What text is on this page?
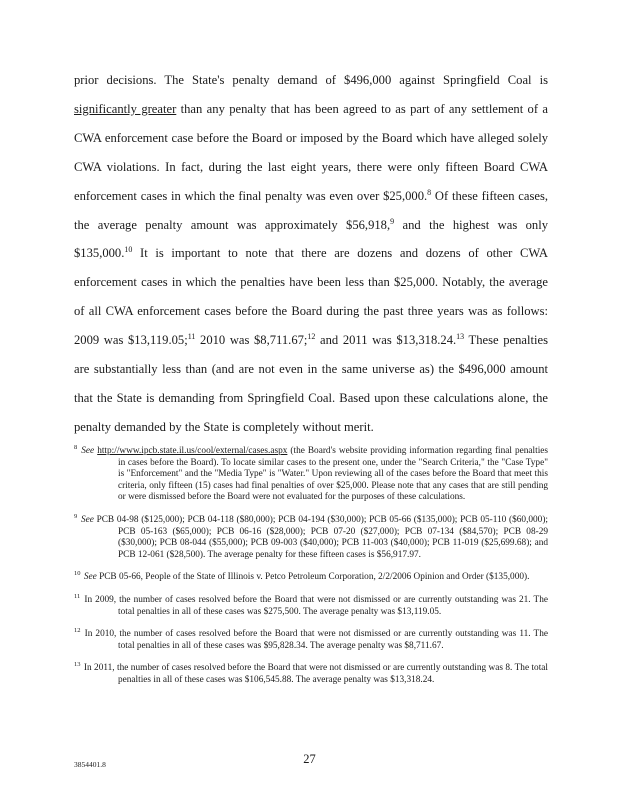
prior decisions. The State's penalty demand of $496,000 against Springfield Coal is significantly greater than any penalty that has been agreed to as part of any settlement of a CWA enforcement case before the Board or imposed by the Board which have alleged solely CWA violations. In fact, during the last eight years, there were only fifteen Board CWA enforcement cases in which the final penalty was even over $25,000.$^8$ Of these fifteen cases, the average penalty amount was approximately $56,918,$^9$ and the highest was only $135,000.10 It is important to note that there are dozens and dozens of other CWA enforcement cases in which the penalties have been less than $25,000. Notably, the average of all CWA enforcement cases before the Board during the past three years was as follows: 2009 was $13,119.05;$^{11}$ 2010 was $8,711.67;$^{12}$ and 2011 was $13,318.24.13 These penalties are substantially less than (and are not even in the same universe as) the $496,000 amount that the State is demanding from Springfield Coal. Based upon these calculations alone, the penalty demanded by the State is completely without merit.

$^8$ See http://www.ipcb.state.il.us/cool/external/cases.aspx (the Board's website providing information regarding final penalties in cases before the Board). To locate similar cases to the present one, under the "Search Criteria," the "Case Type" is "Enforcement" and the "Media Type" is "Water." Upon reviewing all of the cases before the Board that meet this criteria, only fifteen (15) cases had final penalties of over $25,000. Please note that any cases that are still pending or were dismissed before the Board were not evaluated for the purposes of these calculations.

$^9$ See PCB 04-98 ($125,000); PCB 04-118 ($80,000); PCB 04-194 ($30,000); PCB 05-66 ($135,000); PCB 05-110 ($60,000); PCB 05-163 ($65,000); PCB 06-16 ($28,000); PCB 07-20 ($27,000); PCB 07-134 ($84,570); PCB 08-29 ($30,000); PCB 08-044 ($55,000); PCB 09-003 ($40,000); PCB 11-003 ($40,000); PCB 11-019 ($25,699.68); and PCB 12-061 ($28,500). The average penalty for these fifteen cases is $56,917.97.

$^{10}$ See PCB 05-66, People of the State of Illinois v. Petco Petroleum Corporation, 2/2/2006 Opinion and Order ($135,000).

$^{11}$ In 2009, the number of cases resolved before the Board that were not dismissed or are currently outstanding was 21. The total penalties in all of these cases was $275,500. The average penalty was $13,119.05.

$^{12}$ In 2010, the number of cases resolved before the Board that were not dismissed or are currently outstanding was 11. The total penalties in all of these cases was $95,828.34. The average penalty was $8,711.67.

$^{13}$ In 2011, the number of cases resolved before the Board that were not dismissed or are currently outstanding was 8. The total penalties in all of these cases was $106,545.88. The average penalty was $13,318.24.

3854401.8	27
